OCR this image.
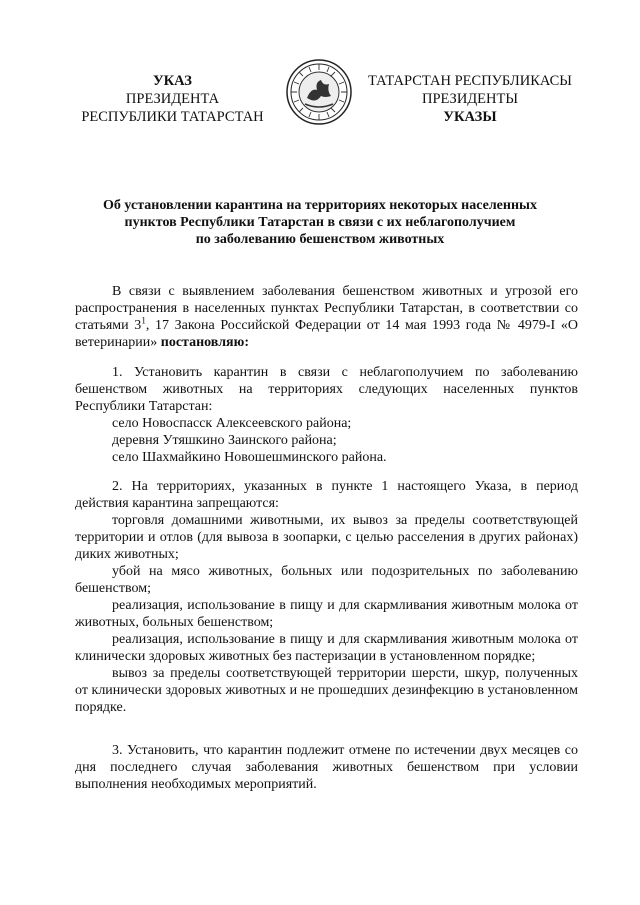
УКАЗ
ПРЕЗИДЕНТА
РЕСПУБЛИКИ ТАТАРСТАН
ТАТАРСТАН РЕСПУБЛИКАСЫ
ПРЕЗИДЕНТЫ
УКАЗЫ
Об установлении карантина на территориях некоторых населенных
пунктов Республики Татарстан в связи с их неблагополучием
по заболеванию бешенством животных

В связи с выявлением заболевания бешенством животных и угрозой его распространения в населенных пунктах Республики Татарстан, в соответствии со статьями $3^1$, 17 Закона Российской Федерации от 14 мая 1993 года № 4979-I «О ветеринарии» постановляю:

1. Установить карантин в связи с неблагополучием по заболеванию бешенством животных на территориях следующих населенных пунктов Республики Татарстан:

село Новоспасск Алексеевского района;

деревня Утяшкино Заинского района;

село Шахмайкино Новошешминского района.

2. На территориях, указанных в пункте 1 настоящего Указа, в период действия карантина запрещаются:

торговля домашними животными, их вывоз за пределы соответствующей территории и отлов (для вывоза в зоопарки, с целью расселения в других районах) диких животных;

убой на мясо животных, больных или подозрительных по заболеванию бешенством;

реализация, использование в пищу и для скармливания животным молока от животных, больных бешенством;

реализация, использование в пищу и для скармливания животным молока от клинически здоровых животных без пастеризации в установленном порядке;

вывоз за пределы соответствующей территории шерсти, шкур, полученных от клинически здоровых животных и не прошедших дезинфекцию в установленном порядке.

3. Установить, что карантин подлежит отмене по истечении двух месяцев со дня последнего случая заболевания животных бешенством при условии выполнения необходимых мероприятий.
